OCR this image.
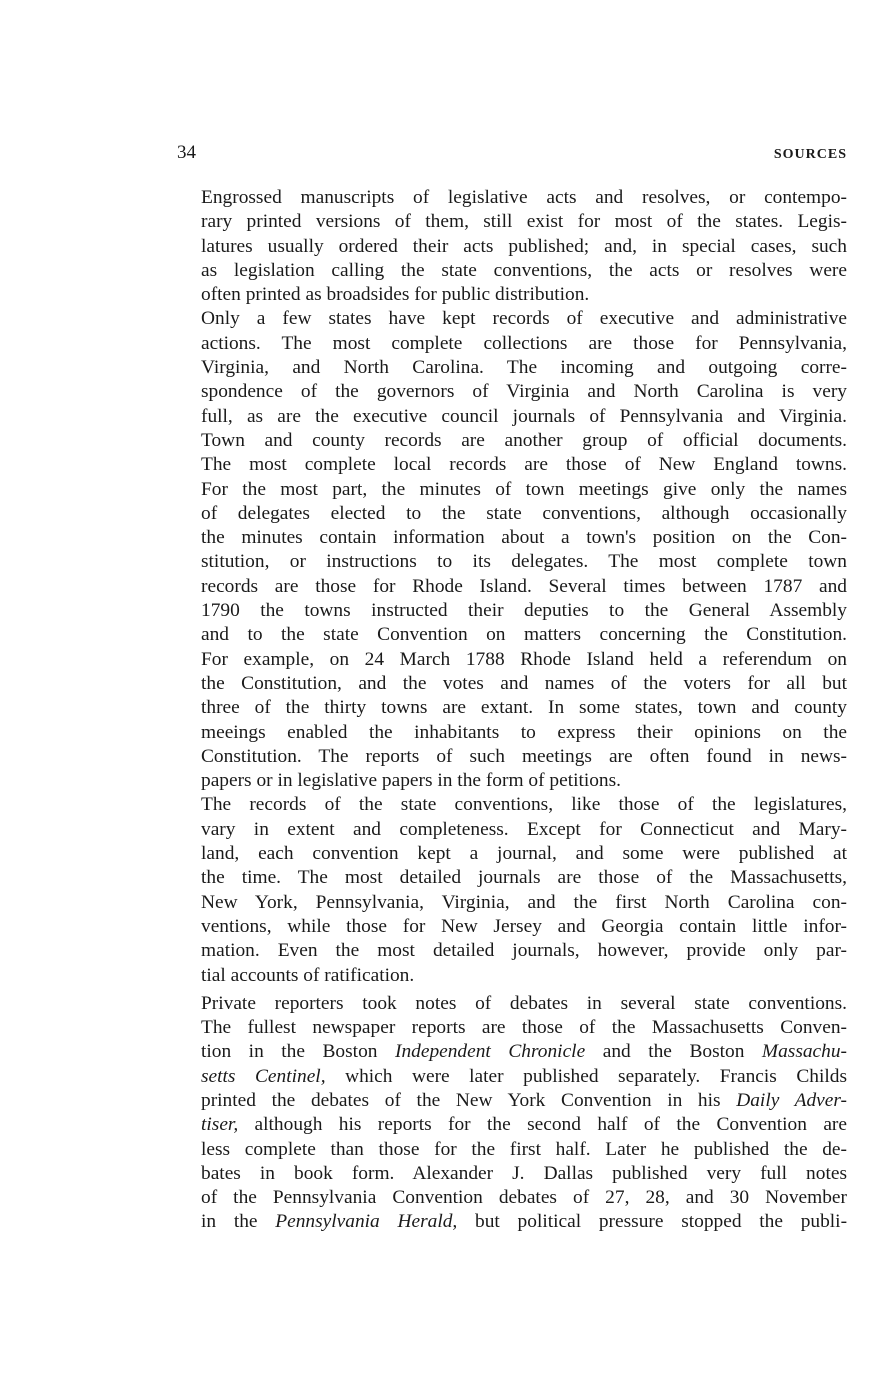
34	SOURCES

Engrossed manuscripts of legislative acts and resolves, or contempo-
rary printed versions of them, still exist for most of the states. Legis-
latures usually ordered their acts published; and, in special cases, such
as legislation calling the state conventions, the acts or resolves were
often printed as broadsides for public distribution.

Only a few states have kept records of executive and administrative
actions. The most complete collections are those for Pennsylvania,
Virginia, and North Carolina. The incoming and outgoing corre-
spondence of the governors of Virginia and North Carolina is very
full, as are the executive council journals of Pennsylvania and Virginia.

Town and county records are another group of official documents.
The most complete local records are those of New England towns.
For the most part, the minutes of town meetings give only the names
of delegates elected to the state conventions, although occasionally
the minutes contain information about a town's position on the Con-
stitution, or instructions to its delegates. The most complete town
records are those for Rhode Island. Several times between 1787 and
1790 the towns instructed their deputies to the General Assembly
and to the state Convention on matters concerning the Constitution.
For example, on 24 March 1788 Rhode Island held a referendum on
the Constitution, and the votes and names of the voters for all but
three of the thirty towns are extant. In some states, town and county
meeings enabled the inhabitants to express their opinions on the
Constitution. The reports of such meetings are often found in news-
papers or in legislative papers in the form of petitions.

The records of the state conventions, like those of the legislatures,
vary in extent and completeness. Except for Connecticut and Mary-
land, each convention kept a journal, and some were published at
the time. The most detailed journals are those of the Massachusetts,
New York, Pennsylvania, Virginia, and the first North Carolina con-
ventions, while those for New Jersey and Georgia contain little infor-
mation. Even the most detailed journals, however, provide only par-
tial accounts of ratification.

Private reporters took notes of debates in several state conventions.
The fullest newspaper reports are those of the Massachusetts Conven-
tion in the Boston Independent Chronicle and the Boston Massachu-
setts Centinel, which were later published separately. Francis Childs
printed the debates of the New York Convention in his Daily Adver-
tiser, although his reports for the second half of the Convention are
less complete than those for the first half. Later he published the de-
bates in book form. Alexander J. Dallas published very full notes
of the Pennsylvania Convention debates of 27, 28, and 30 November
in the Pennsylvania Herald, but political pressure stopped the publi-
